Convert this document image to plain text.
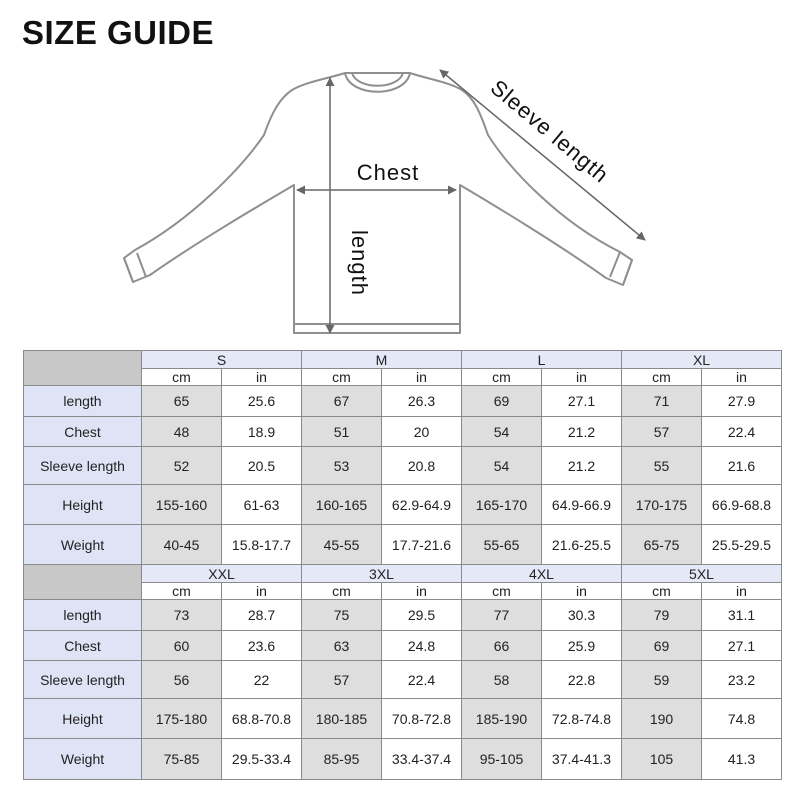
SIZE GUIDE
Chest
length
Sleeve length
	S		M		L		XL	
	cm	in	cm	in	cm	in	cm	in
length	65	25.6	67	26.3	69	27.1	71	27.9
Chest	48	18.9	51	20	54	21.2	57	22.4
Sleeve length	52	20.5	53	20.8	54	21.2	55	21.6
Height	155-160	61-63	160-165	62.9-64.9	165-170	64.9-66.9	170-175	66.9-68.8
Weight	40-45	15.8-17.7	45-55	17.7-21.6	55-65	21.6-25.5	65-75	25.5-29.5
	XXL		3XL		4XL		5XL	
	cm	in	cm	in	cm	in	cm	in
length	73	28.7	75	29.5	77	30.3	79	31.1
Chest	60	23.6	63	24.8	66	25.9	69	27.1
Sleeve length	56	22	57	22.4	58	22.8	59	23.2
Height	175-180	68.8-70.8	180-185	70.8-72.8	185-190	72.8-74.8	190	74.8
Weight	75-85	29.5-33.4	85-95	33.4-37.4	95-105	37.4-41.3	105	41.3
